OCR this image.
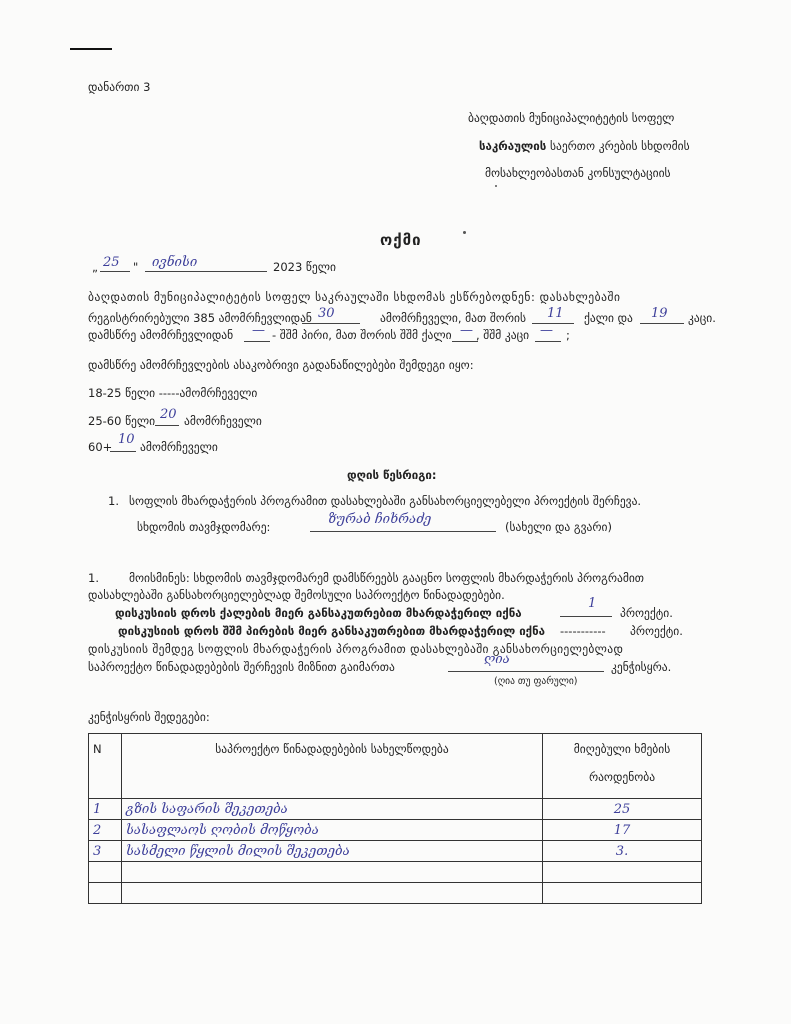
დანართი 3
ბაღდათის მუნიციპალიტეტის სოფელ
საკრაულის საერთო კრების სხდომის
მოსახლეობასთან კონსულტაციის
ოქმი
„ 25 " ივნისი	2023 წელი
ბაღდათის მუნიციპალიტეტის სოფელ საკრაულაში სხდომას ესწრებოდნენ: დასახლებაში
რეგისტრირებული 385 ამომრჩევლიდან 30	ამომრჩეველი, მათ შორის 11 ქალი და 19 კაცი.
დამსწრე ამომრჩევლიდან — - შშმ პირი, მათ შორის შშმ ქალი — , შშმ კაცი — ;
დამსწრე ამომრჩევლების ასაკობრივი გადანაწილებები შემდეგი იყო:
18-25 წელი -----ამომრჩეველი
25-60 წელი 20 ამომრჩეველი
60+ 10 ამომრჩეველი
დღის წესრიგი:
1. სოფლის მხარდაჭერის პროგრამით დასახლებაში განსახორციელებელი პროექტის შერჩევა.
სხდომის თავმჯდომარე:	ზურაბ ჩიხრაძე	(სახელი და გვარი)
1.	მოისმინეს: სხდომის თავმჯდომარემ დამსწრეებს გააცნო სოფლის მხარდაჭერის პროგრამით
დასახლებაში განსახორციელებლად შემოსული საპროექტო წინადადებები.
დისკუსიის დროს ქალების მიერ განსაკუთრებით მხარდაჭერილ იქნა
1
პროექტი.
დისკუსიის დროს შშმ პირების მიერ განსაკუთრებით მხარდაჭერილ იქნა ----------- პროექტი.
დისკუსიის შემდეგ სოფლის მხარდაჭერის პროგრამით დასახლებაში განსახორციელებლად
საპროექტო წინადადებების შერჩევის მიზნით გაიმართა	ღია	კენჭისყრა.
(ღია თუ ფარული)
კენჭისყრის შედეგები:
N	საპროექტო წინადადებების სახელწოდება	მიღებული ხმების
რაოდენობა

1	გზის საფარის შეკეთება	25
2	სასაფლაოს ღობის მოწყობა	17
3	სასმელი წყლის მილის შეკეთება	3.
